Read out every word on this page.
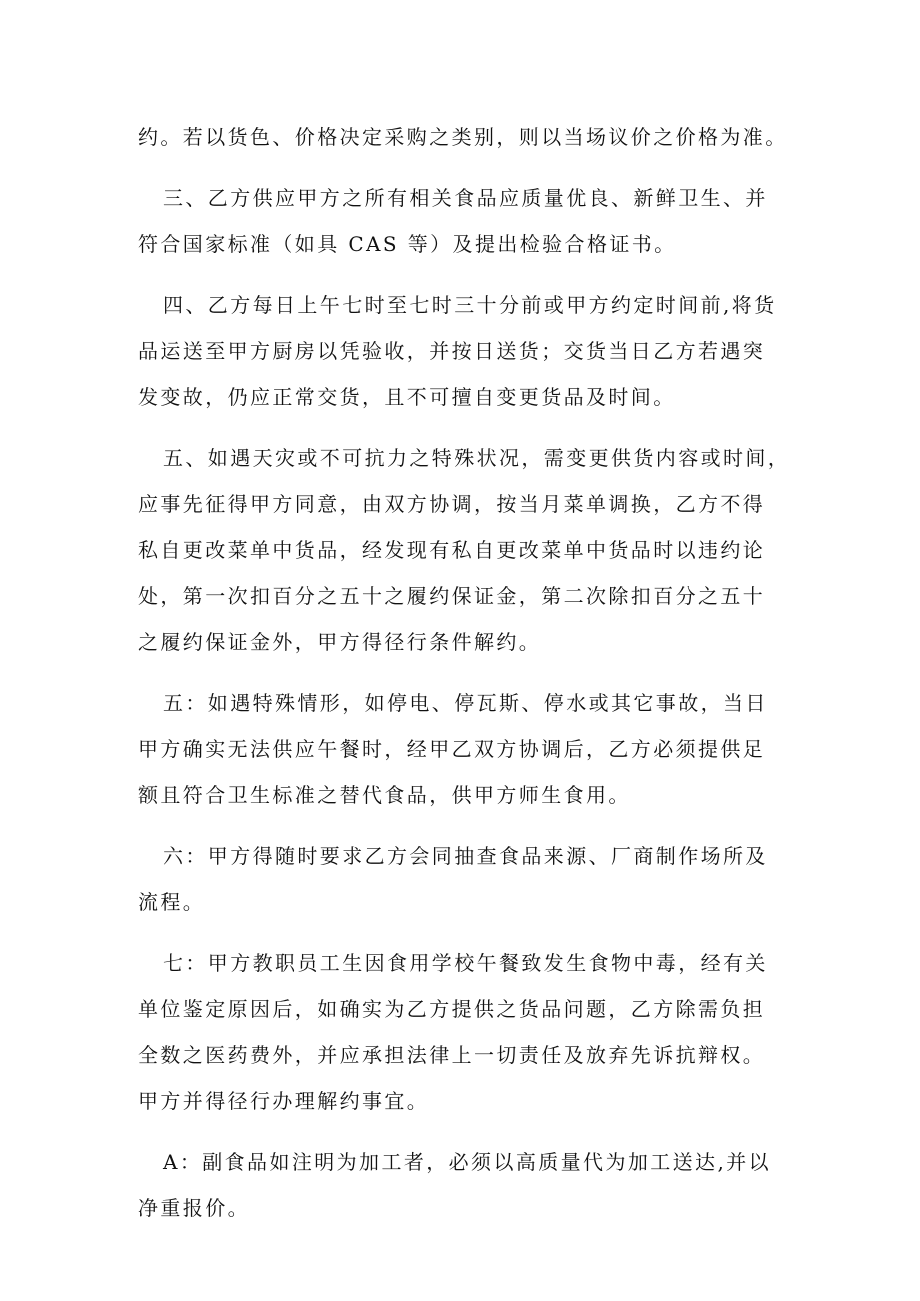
约。若以货色、价格决定采购之类别，则以当场议价之价格为准。

三、乙方供应甲方之所有相关食品应质量优良、新鲜卫生、并
符合国家标准（如具 CAS 等）及提出检验合格证书。

四、乙方每日上午七时至七时三十分前或甲方约定时间前,将货
品运送至甲方厨房以凭验收，并按日送货；交货当日乙方若遇突
发变故，仍应正常交货，且不可擅自变更货品及时间。

五、如遇天灾或不可抗力之特殊状况，需变更供货内容或时间，
应事先征得甲方同意，由双方协调，按当月菜单调换，乙方不得
私自更改菜单中货品，经发现有私自更改菜单中货品时以违约论
处，第一次扣百分之五十之履约保证金，第二次除扣百分之五十
之履约保证金外，甲方得径行条件解约。

五：如遇特殊情形，如停电、停瓦斯、停水或其它事故，当日
甲方确实无法供应午餐时，经甲乙双方协调后，乙方必须提供足
额且符合卫生标准之替代食品，供甲方师生食用。

六：甲方得随时要求乙方会同抽查食品来源、厂商制作场所及
流程。

七：甲方教职员工生因食用学校午餐致发生食物中毒，经有关
单位鉴定原因后，如确实为乙方提供之货品问题，乙方除需负担
全数之医药费外，并应承担法律上一切责任及放弃先诉抗辩权。
甲方并得径行办理解约事宜。

A：副食品如注明为加工者，必须以高质量代为加工送达,并以
净重报价。
